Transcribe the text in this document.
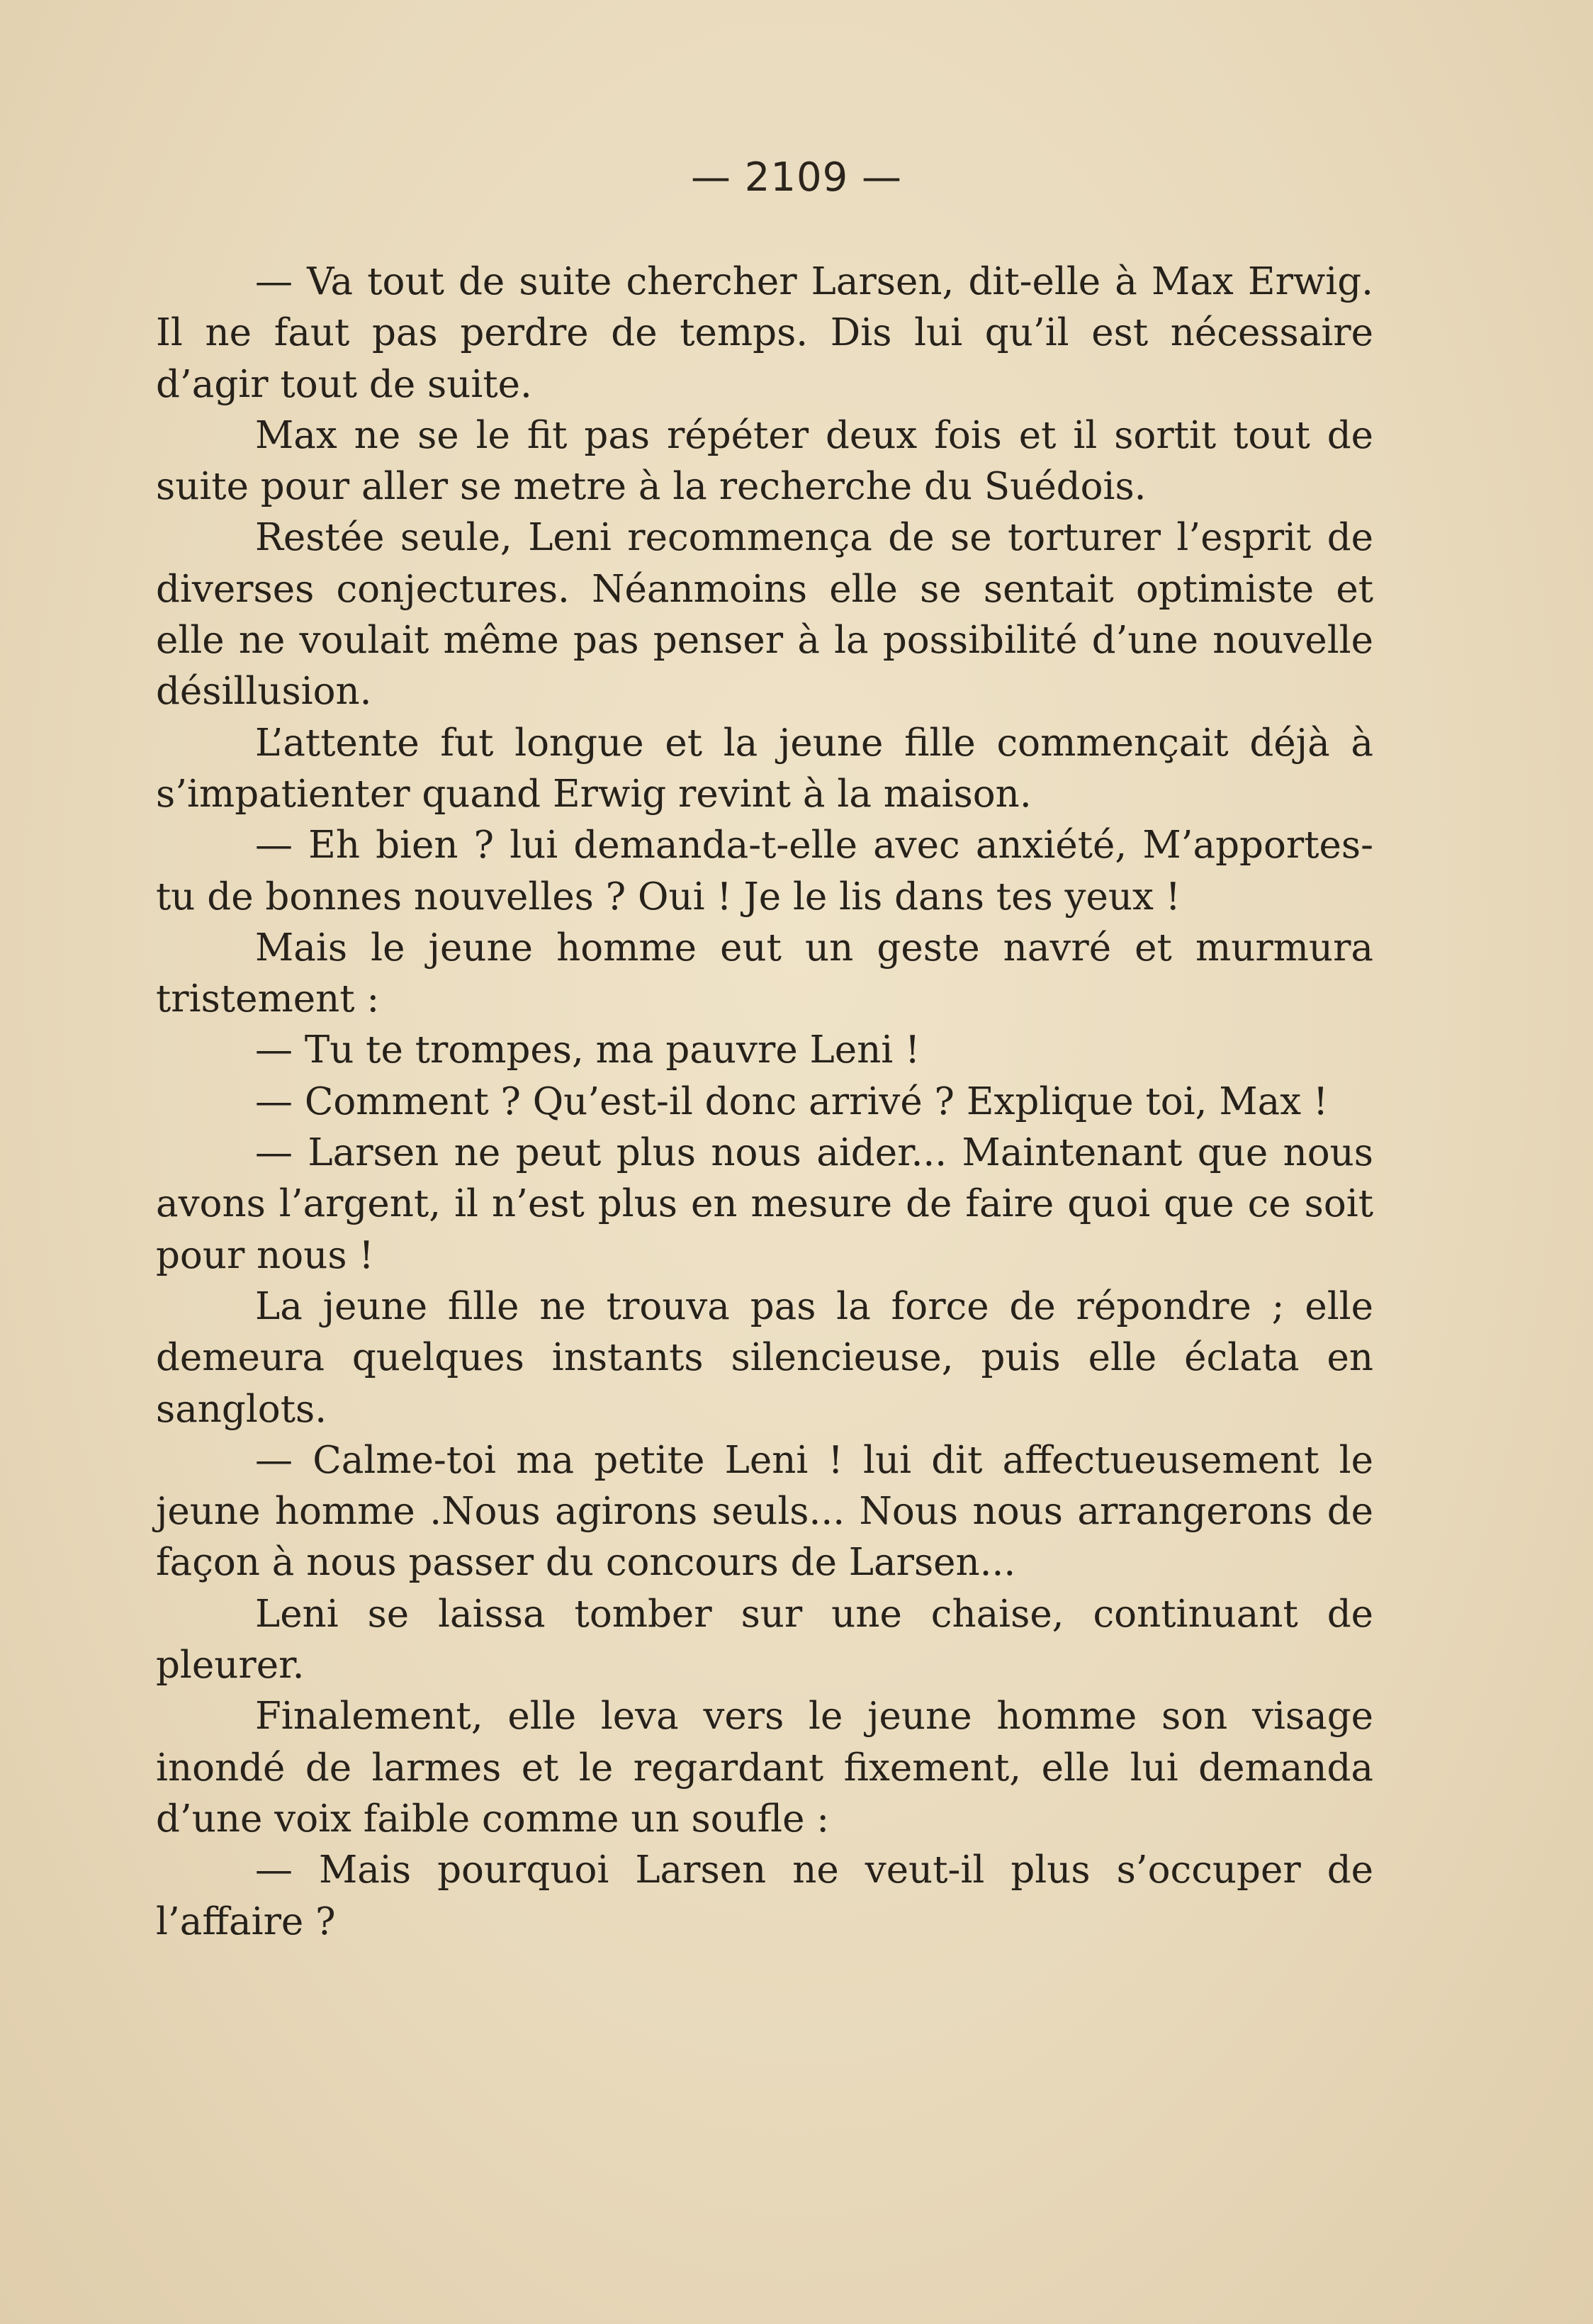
— 2109 —

— Va tout de suite chercher Larsen, dit-elle à Max Erwig. Il ne faut pas perdre de temps. Dis lui qu’il est nécessaire d’agir tout de suite.

Max ne se le fit pas répéter deux fois et il sortit tout de suite pour aller se metre à la recherche du Suédois.

Restée seule, Leni recommença de se torturer l’esprit de diverses conjectures. Néanmoins elle se sentait optimiste et elle ne voulait même pas penser à la possibilité d’une nouvelle désillusion.

L’attente fut longue et la jeune fille commençait déjà à s’impatienter quand Erwig revint à la maison.

— Eh bien ? lui demanda-t-elle avec anxiété, M’apportes-tu de bonnes nouvelles ? Oui ! Je le lis dans tes yeux !

Mais le jeune homme eut un geste navré et murmura tristement :

— Tu te trompes, ma pauvre Leni !

— Comment ? Qu’est-il donc arrivé ? Explique toi, Max !

— Larsen ne peut plus nous aider... Maintenant que nous avons l’argent, il n’est plus en mesure de faire quoi que ce soit pour nous !

La jeune fille ne trouva pas la force de répondre ; elle demeura quelques instants silencieuse, puis elle éclata en sanglots.

— Calme-toi ma petite Leni ! lui dit affectueusement le jeune homme .Nous agirons seuls... Nous nous arrangerons de façon à nous passer du concours de Larsen...

Leni se laissa tomber sur une chaise, continuant de pleurer.

Finalement, elle leva vers le jeune homme son visage inondé de larmes et le regardant fixement, elle lui demanda d’une voix faible comme un soufle :

— Mais pourquoi Larsen ne veut-il plus s’occuper de l’affaire ?
